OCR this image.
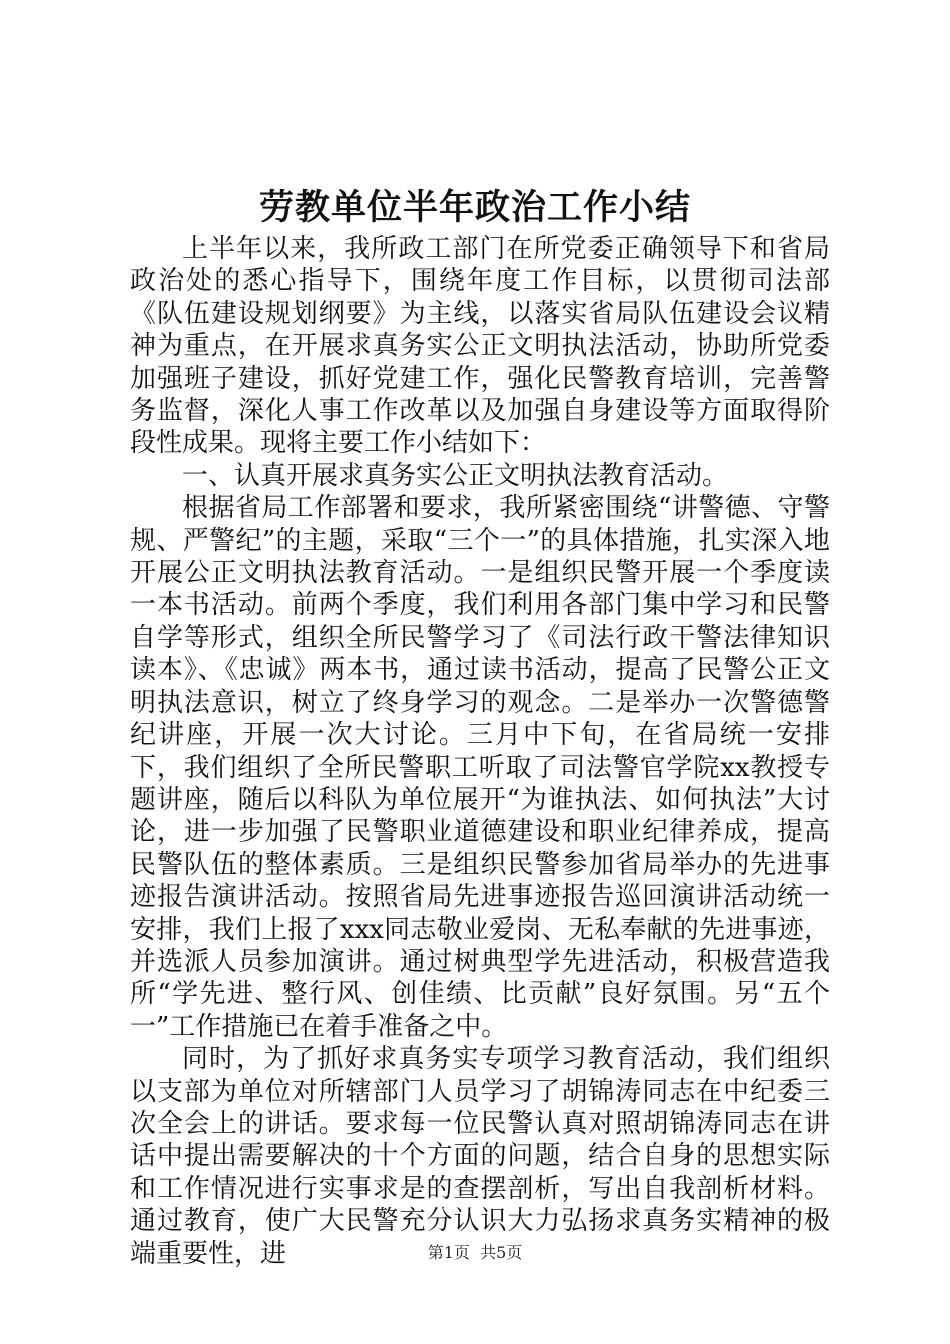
劳教单位半年政治工作小结

上半年以来，我所政工部门在所党委正确领导下和省局政治处的悉心指导下，围绕年度工作目标，以贯彻司法部《队伍建设规划纲要》为主线，以落实省局队伍建设会议精神为重点，在开展求真务实公正文明执法活动，协助所党委加强班子建设，抓好党建工作，强化民警教育培训，完善警务监督，深化人事工作改革以及加强自身建设等方面取得阶段性成果。现将主要工作小结如下：

一、认真开展求真务实公正文明执法教育活动。

根据省局工作部署和要求，我所紧密围绕“讲警德、守警规、严警纪”的主题，采取“三个一”的具体措施，扎实深入地开展公正文明执法教育活动。一是组织民警开展一个季度读一本书活动。前两个季度，我们利用各部门集中学习和民警自学等形式，组织全所民警学习了《司法行政干警法律知识读本》、《忠诚》两本书，通过读书活动，提高了民警公正文明执法意识，树立了终身学习的观念。二是举办一次警德警纪讲座，开展一次大讨论。三月中下旬，在省局统一安排下，我们组织了全所民警职工听取了司法警官学院xx教授专题讲座，随后以科队为单位展开“为谁执法、如何执法”大讨论，进一步加强了民警职业道德建设和职业纪律养成，提高民警队伍的整体素质。三是组织民警参加省局举办的先进事迹报告演讲活动。按照省局先进事迹报告巡回演讲活动统一安排，我们上报了xxx同志敬业爱岗、无私奉献的先进事迹，并选派人员参加演讲。通过树典型学先进活动，积极营造我所“学先进、整行风、创佳绩、比贡献”良好氛围。另“五个一”工作措施已在着手准备之中。

同时，为了抓好求真务实专项学习教育活动，我们组织以支部为单位对所辖部门人员学习了胡锦涛同志在中纪委三次全会上的讲话。要求每一位民警认真对照胡锦涛同志在讲话中提出需要解决的十个方面的问题，结合自身的思想实际和工作情况进行实事求是的查摆剖析，写出自我剖析材料。通过教育，使广大民警充分认识大力弘扬求真务实精神的极端重要性，进	第1页  共5页
